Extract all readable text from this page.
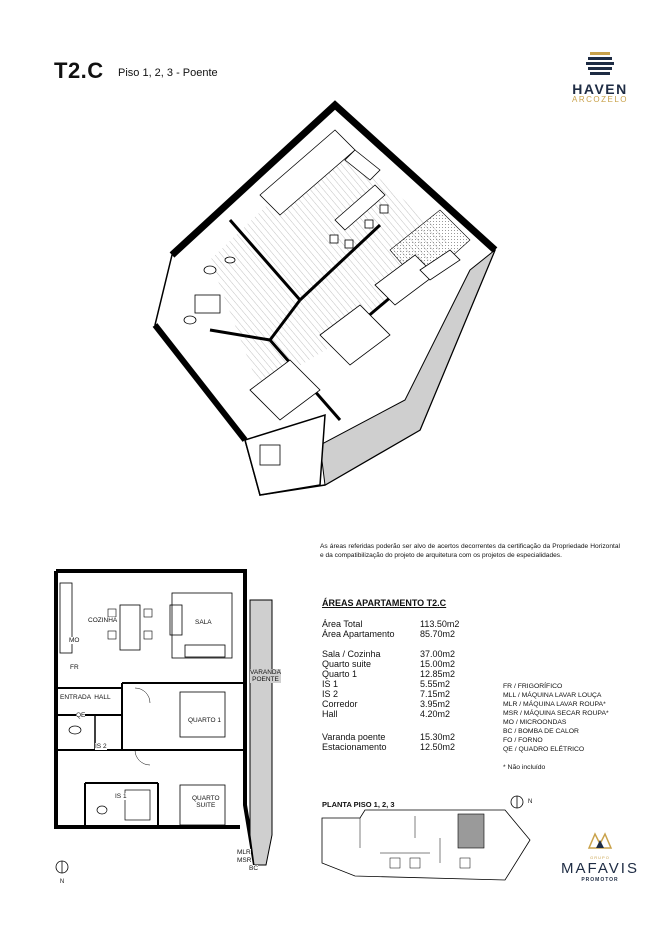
T2.C Piso 1, 2, 3 - Poente
HAVEN
ARCOZELO
As áreas referidas poderão ser alvo de acertos decorrentes da certificação da Propriedade Horizontal e da compatibilização do projeto de arquitetura com os projetos de especialidades.
ÁREAS APARTAMENTO T2.C
Área Total	113.50m2
Área Apartamento	85.70m2
Sala / Cozinha	37.00m2
Quarto suite	15.00m2
Quarto 1	12.85m2
IS 1	5.55m2
IS 2	7.15m2
Corredor	3.95m2
Hall	4.20m2
Varanda poente	15.30m2
Estacionamento	12.50m2
FR / FRIGORÍFICO
MLL / MÁQUINA LAVAR LOUÇA
MLR / MÁQUINA LAVAR ROUPA*
MSR / MÁQUINA SECAR ROUPA*
MO / MICROONDAS
BC / BOMBA DE CALOR
FO / FORNO
QE / QUADRO ELÉTRICO
* Não incluído
COZINHA	SALA
MO
FR
ENTRADA  HALL
VARANDA
POENTE
QE
IS 2
QUARTO 1
IS 1	QUARTO
SUITE
MLR
MSR
BC
N
PLANTA PISO 1, 2, 3	N
GRUPO
MAFAVIS
PROMOTOR
